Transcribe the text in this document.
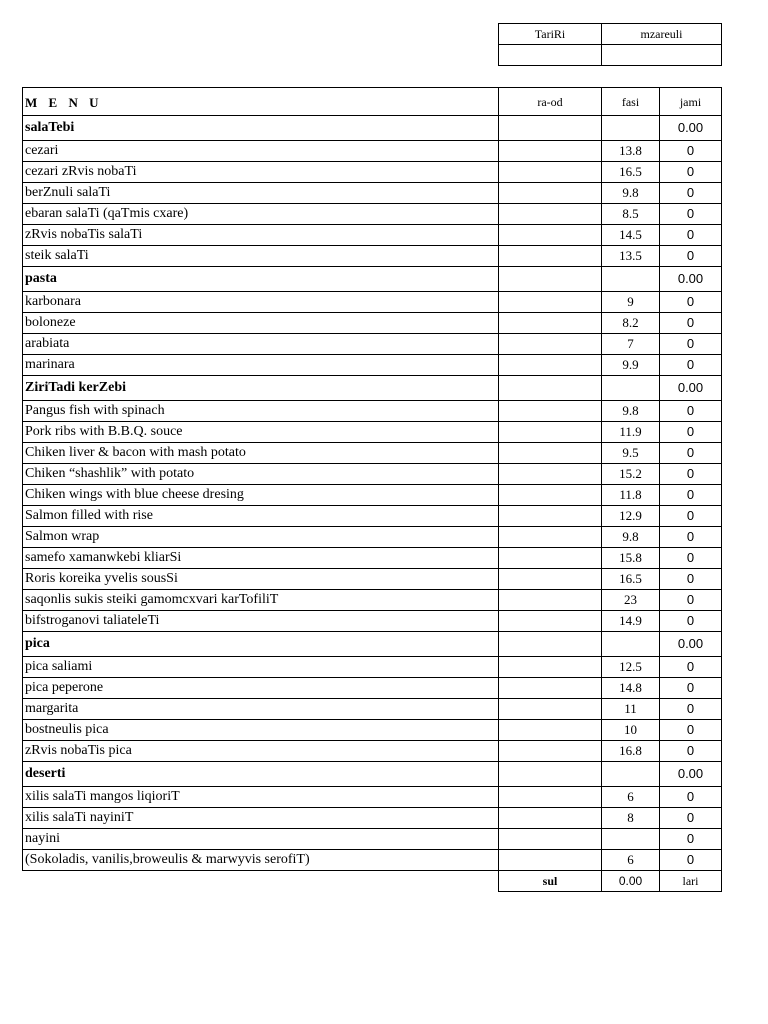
TariRi	mzareuli

M E N U	ra-od	fasi	jami
salaTebi			0.00
cezari		13.8	0
cezari zRvis nobaTi		16.5	0
berZnuli salaTi		9.8	0
ebaran salaTi (qaTmis cxare)		8.5	0
zRvis nobaTis salaTi		14.5	0
steik salaTi		13.5	0
pasta			0.00
karbonara		9	0
boloneze		8.2	0
arabiata		7	0
marinara		9.9	0
ZiriTadi kerZebi			0.00
Pangus fish with spinach		9.8	0
Pork ribs with B.B.Q. souce		11.9	0
Chiken liver & bacon with mash potato		9.5	0
Chiken “shashlik” with potato		15.2	0
Chiken wings with blue cheese dresing		11.8	0
Salmon filled with rise		12.9	0
Salmon wrap		9.8	0
samefo xamanwkebi kliarSi		15.8	0
Roris koreika yvelis sousSi		16.5	0
saqonlis sukis steiki gamomcxvari karTofiliT		23	0
bifstroganovi taliateleTi		14.9	0
pica			0.00
pica saliami		12.5	0
pica peperone		14.8	0
margarita		11	0
bostneulis pica		10	0
zRvis nobaTis pica		16.8	0
deserti			0.00
xilis salaTi mangos liqioriT		6	0
xilis salaTi nayiniT		8	0
nayini			0
(Sokoladis, vanilis,broweulis & marwyvis serofiT)		6	0
	sul	0.00	lari
